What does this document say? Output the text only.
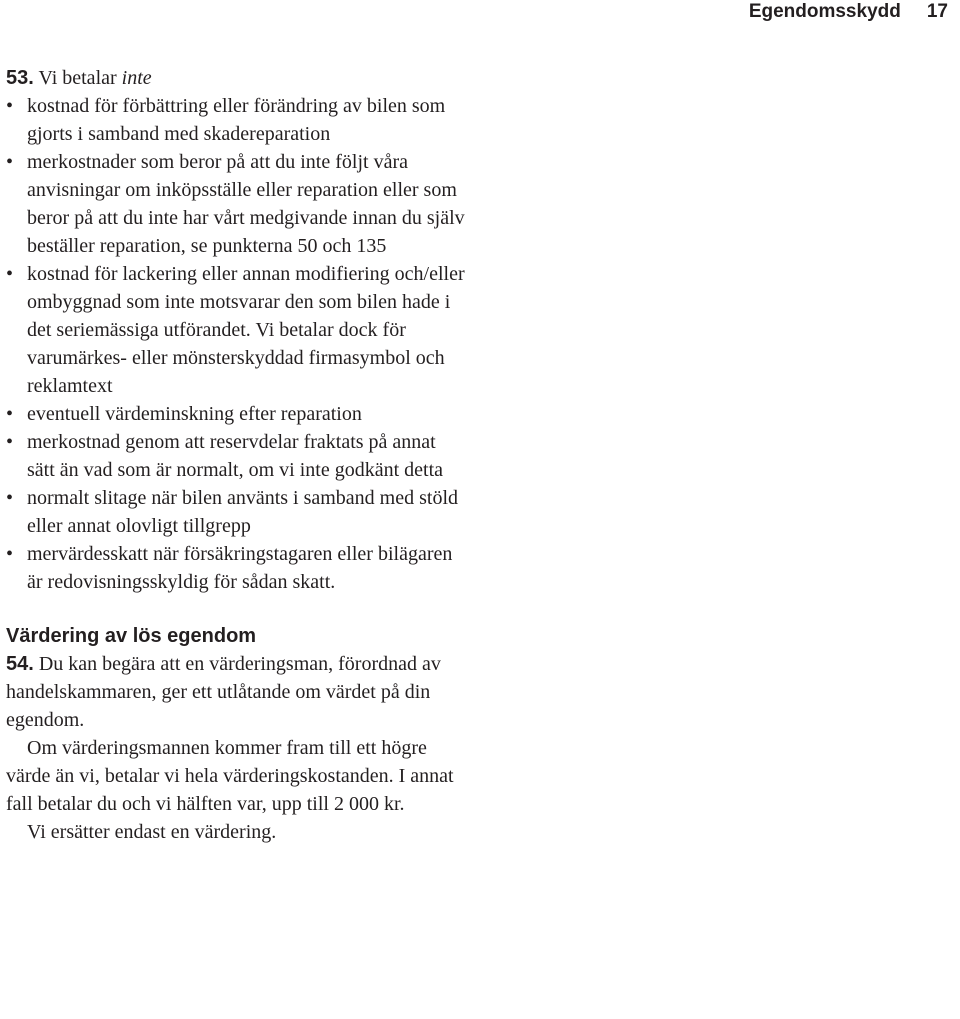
Egendomsskydd 17

53. Vi betalar inte

• kostnad för förbättring eller förändring av bilen som gjorts i samband med skadereparation
• merkostnader som beror på att du inte följt våra anvisningar om inköpsställe eller reparation eller som beror på att du inte har vårt medgivande innan du själv beställer reparation, se punkterna 50 och 135
• kostnad för lackering eller annan modifiering och/eller ombyggnad som inte motsvarar den som bilen hade i det seriemässiga utförandet. Vi betalar dock för varumärkes- eller mönsterskyddad firmasymbol och reklamtext
• eventuell värdeminskning efter reparation
• merkostnad genom att reservdelar fraktats på annat sätt än vad som är normalt, om vi inte godkänt detta
• normalt slitage när bilen använts i samband med stöld eller annat olovligt tillgrepp
• mervärdesskatt när försäkringstagaren eller bilägaren är redovisningsskyldig för sådan skatt.
Värdering av lös egendom

54. Du kan begära att en värderingsman, förordnad av handelskammaren, ger ett utlåtande om värdet på din egendom.

Om värderingsmannen kommer fram till ett högre värde än vi, betalar vi hela värderingskostanden. I annat fall betalar du och vi hälften var, upp till 2 000 kr.

Vi ersätter endast en värdering.
